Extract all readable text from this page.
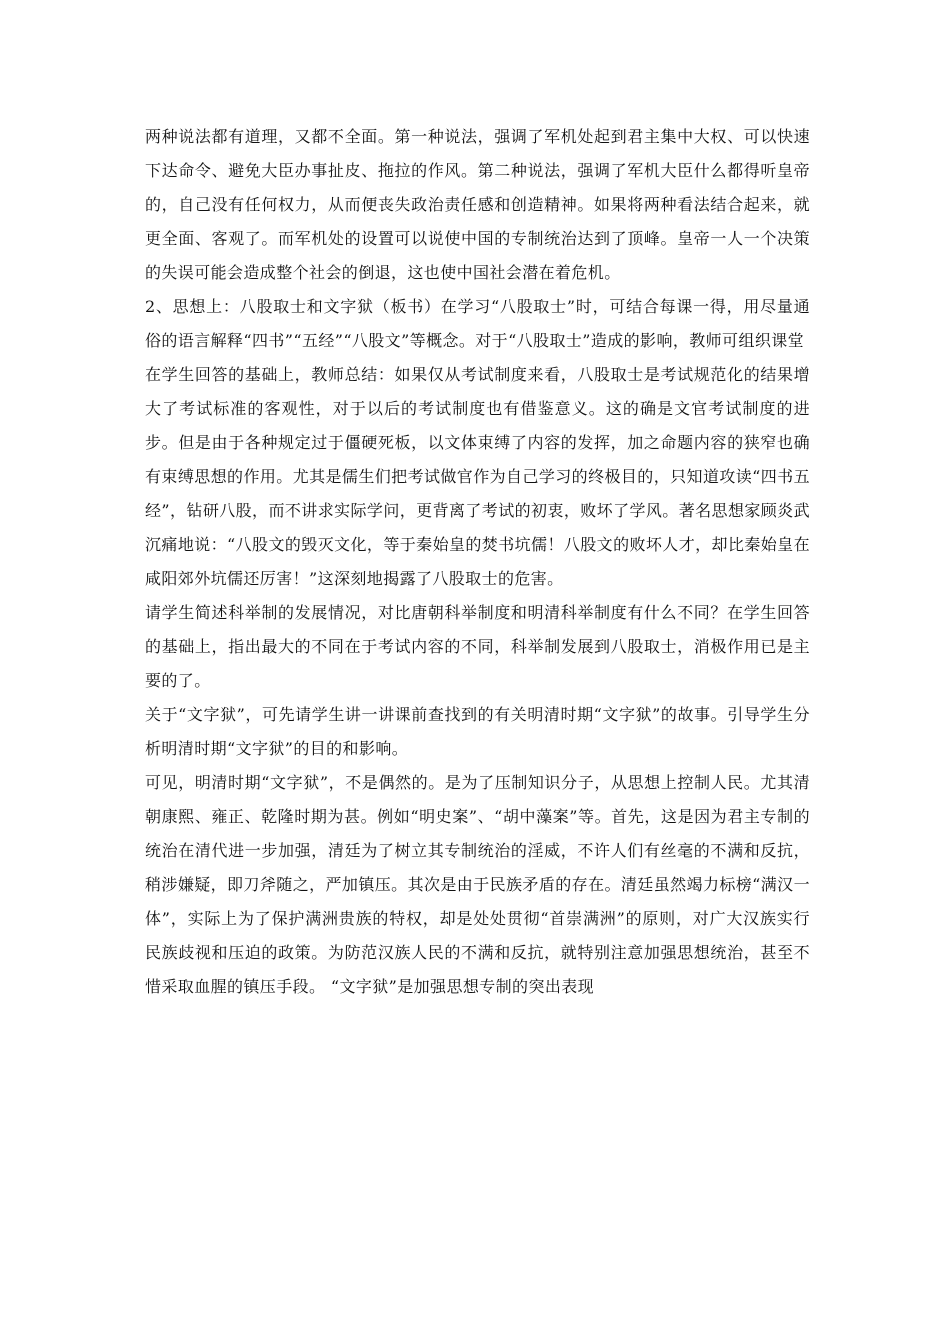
两种说法都有道理，又都不全面。第一种说法，强调了军机处起到君主集中大权、可以快速下达命令、避免大臣办事扯皮、拖拉的作风。第二种说法，强调了军机大臣什么都得听皇帝的，自己没有任何权力，从而便丧失政治责任感和创造精神。如果将两种看法结合起来，就更全面、客观了。而军机处的设置可以说使中国的专制统治达到了顶峰。皇帝一人一个决策的失误可能会造成整个社会的倒退，这也使中国社会潜在着危机。

2、思想上：八股取士和文字狱（板书）在学习“八股取士”时，可结合每课一得，用尽量通俗的语言解释“四书”“五经”“八股文”等概念。对于“八股取士”造成的影响，教师可组织课堂

在学生回答的基础上，教师总结：如果仅从考试制度来看，八股取士是考试规范化的结果增大了考试标准的客观性，对于以后的考试制度也有借鉴意义。这的确是文官考试制度的进步。但是由于各种规定过于僵硬死板，以文体束缚了内容的发挥，加之命题内容的狭窄也确有束缚思想的作用。尤其是儒生们把考试做官作为自己学习的终极目的，只知道攻读“四书五经”，钻研八股，而不讲求实际学问，更背离了考试的初衷，败坏了学风。著名思想家顾炎武沉痛地说：“八股文的毁灭文化，等于秦始皇的焚书坑儒！八股文的败坏人才，却比秦始皇在咸阳郊外坑儒还厉害！”这深刻地揭露了八股取士的危害。

请学生简述科举制的发展情况，对比唐朝科举制度和明清科举制度有什么不同？在学生回答的基础上，指出最大的不同在于考试内容的不同，科举制发展到八股取士，消极作用已是主要的了。

关于“文字狱”，可先请学生讲一讲课前查找到的有关明清时期“文字狱”的故事。引导学生分析明清时期“文字狱”的目的和影响。

可见，明清时期“文字狱”，不是偶然的。是为了压制知识分子，从思想上控制人民。尤其清朝康熙、雍正、乾隆时期为甚。例如“明史案”、“胡中藻案”等。首先，这是因为君主专制的统治在清代进一步加强，清廷为了树立其专制统治的淫威，不许人们有丝毫的不满和反抗，稍涉嫌疑，即刀斧随之，严加镇压。其次是由于民族矛盾的存在。清廷虽然竭力标榜“满汉一体”，实际上为了保护满洲贵族的特权，却是处处贯彻“首崇满洲”的原则，对广大汉族实行民族歧视和压迫的政策。为防范汉族人民的不满和反抗，就特别注意加强思想统治，甚至不惜采取血腥的镇压手段。 “文字狱”是加强思想专制的突出表现
